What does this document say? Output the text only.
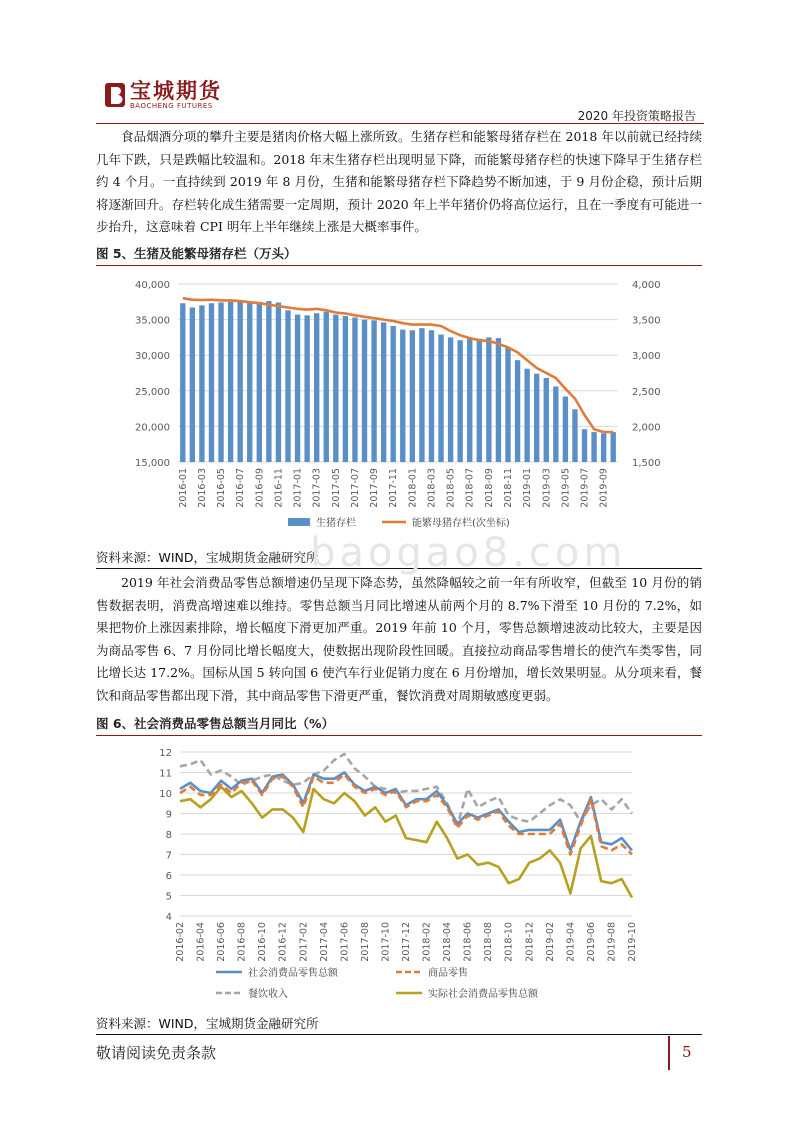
宝城期货
BAOCHENG FUTURES
2020 年投资策略报告

食品烟酒分项的攀升主要是猪肉价格大幅上涨所致。生猪存栏和能繁母猪存栏在 2018 年以前就已经持续几年下跌，只是跌幅比较温和。2018 年末生猪存栏出现明显下降，而能繁母猪存栏的快速下降早于生猪存栏约 4 个月。一直持续到 2019 年 8 月份，生猪和能繁母猪存栏下降趋势不断加速，于 9 月份企稳，预计后期将逐渐回升。存栏转化成生猪需要一定周期，预计 2020 年上半年猪价仍将高位运行，且在一季度有可能进一步抬升，这意味着 CPI 明年上半年继续上涨是大概率事件。

图 5、生猪及能繁母猪存栏（万头）
15,000
20,000
25,000
30,000
35,000
40,000
1,500
2,000
2,500
3,000
3,500
4,000
2016-01 2016-03 2016-05 2016-07 2016-09 2016-11 2017-01 2017-03 2017-05 2017-07 2017-09 2017-11 2018-01 2018-03 2018-05 2018-07 2018-09 2018-11 2019-01 2019-03 2019-05 2019-07 2019-09
生猪存栏	能繁母猪存栏(次坐标)
资料来源：WIND，宝城期货金融研究所
baogao8.com

2019 年社会消费品零售总额增速仍呈现下降态势，虽然降幅较之前一年有所收窄，但截至 10 月份的销售数据表明，消费高增速难以维持。零售总额当月同比增速从前两个月的 8.7%下滑至 10 月份的 7.2%，如果把物价上涨因素排除，增长幅度下滑更加严重。2019 年前 10 个月，零售总额增速波动比较大，主要是因为商品零售 6、7 月份同比增长幅度大，使数据出现阶段性回暖。直接拉动商品零售增长的使汽车类零售，同比增长达 17.2%。国标从国 5 转向国 6 使汽车行业促销力度在 6 月份增加，增长效果明显。从分项来看，餐饮和商品零售都出现下滑，其中商品零售下滑更严重，餐饮消费对周期敏感度更弱。

图 6、社会消费品零售总额当月同比（%）
4
5
6
7
8
9
10
11
12
2016-02 2016-04 2016-06 2016-08 2016-10 2016-12 2017-02 2017-04 2017-06 2017-08 2017-10 2017-12 2018-02 2018-04 2018-06 2018-08 2018-10 2018-12 2019-02 2019-04 2019-06 2019-08 2019-10
社会消费品零售总额	商品零售
餐饮收入	实际社会消费品零售总额
资料来源：WIND，宝城期货金融研究所
敬请阅读免责条款	5
